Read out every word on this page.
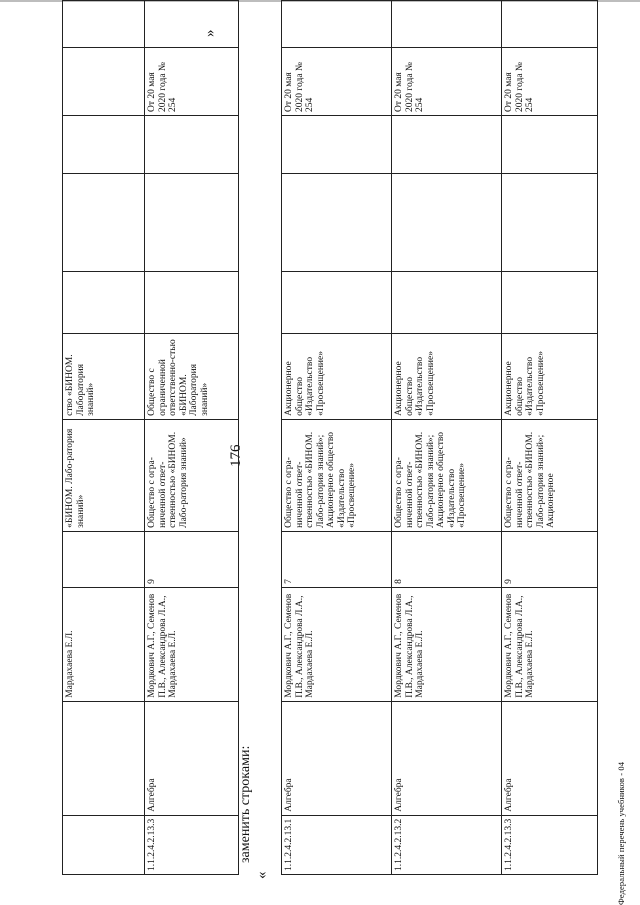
176
		Мардахаева Е.Л.		«БИНОМ. Лабо-ратория знаний»	ство «БИНОМ. Лаборатория знаний»					
1.1.2.4.2.13.3	Алгебра	Мордкович А.Г., Семенов П.В., Александрова Л.А., Мардахаева Е.Л.	9	Общество с огра-ниченной ответ-ственностью «БИНОМ. Лабо-ратория знаний»	Общество с ограниченной ответственно-стью «БИНОМ. Лаборатория знаний»				От 20 мая 2020 года № 254	
»
заменить строками:
«
1.1.2.4.2.13.1	Алгебра	Мордкович А.Г., Семенов П.В., Александрова Л.А., Мардахаева Е.Л.	7	Общество с огра-ниченной ответ-ственностью «БИНОМ. Лабо-ратория знаний»; Акционерное общество «Издательство «Просвещение»	Акционерное общество «Издательство «Просвещение»				От 20 мая 2020 года № 254	
1.1.2.4.2.13.2	Алгебра	Мордкович А.Г., Семенов П.В., Александрова Л.А., Мардахаева Е.Л.	8	Общество с огра-ниченной ответ-ственностью «БИНОМ. Лабо-ратория знаний»; Акционерное общество «Издательство «Просвещение»	Акционерное общество «Издательство «Просвещение»				От 20 мая 2020 года № 254	
1.1.2.4.2.13.3	Алгебра	Мордкович А.Г., Семенов П.В., Александрова Л.А., Мардахаева Е.Л.	9	Общество с огра-ниченной ответ-ственностью «БИНОМ. Лабо-ратория знаний»; Акционерное	Акционерное общество «Издательство «Просвещение»				От 20 мая 2020 года № 254	
Федеральный перечень учебников - 04
